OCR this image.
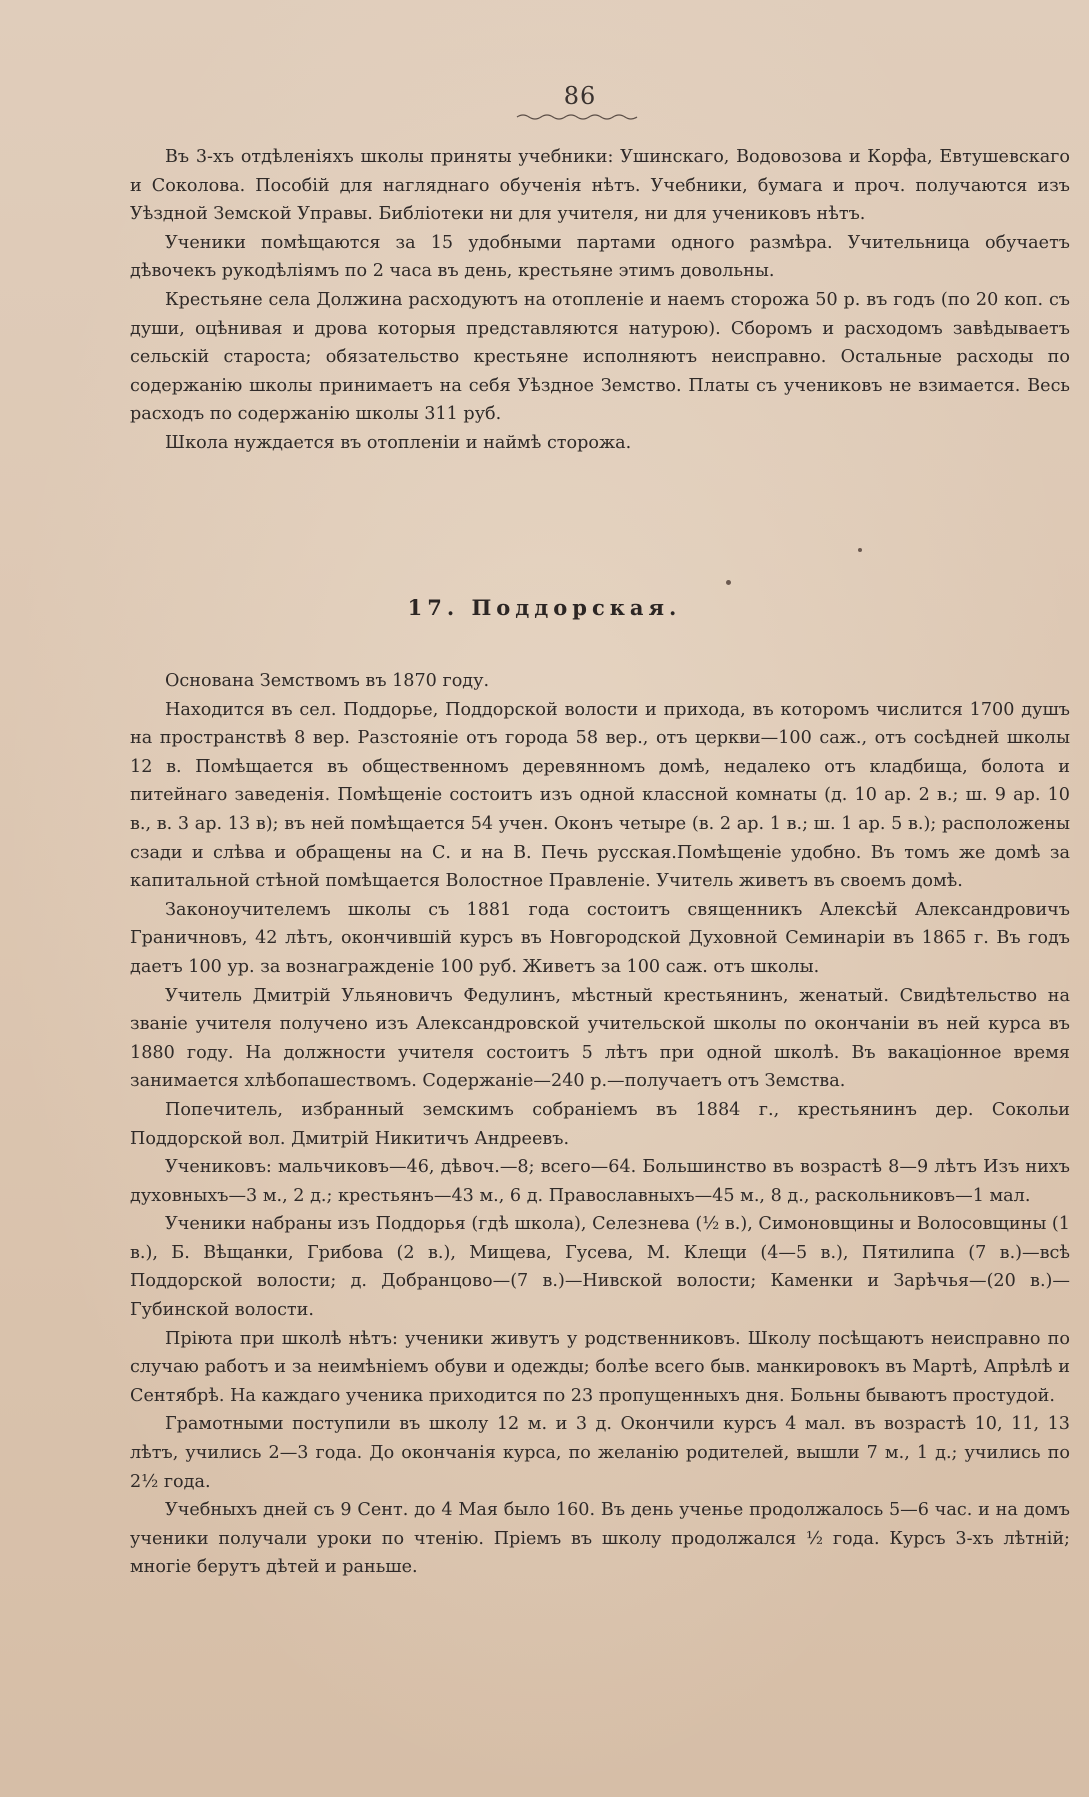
86

Въ 3-хъ отдѣленіяхъ школы приняты учебники: Ушинскаго, Водовозова и Корфа, Евтушевскаго и Соколова. Пособій для нагляднаго обученія нѣтъ. Учебники, бумага и проч. получаются изъ Уѣздной Земской Управы. Библіотеки ни для учителя, ни для учениковъ нѣтъ.

Ученики помѣщаются за 15 удобными партами одного размѣра. Учительница обучаетъ дѣвочекъ рукодѣліямъ по 2 часа въ день, крестьяне этимъ довольны.

Крестьяне села Должина расходуютъ на отопленіе и наемъ сторожа 50 р. въ годъ (по 20 коп. съ души, оцѣнивая и дрова которыя представляются натурою). Сборомъ и расходомъ завѣдываетъ сельскій староста; обязательство крестьяне исполняютъ неисправно. Остальные расходы по содержанію школы принимаетъ на себя Уѣздное Земство. Платы съ учениковъ не взимается. Весь расходъ по содержанію школы 311 руб.

Школа нуждается въ отопленіи и наймѣ сторожа.

17. Поддорская.

Основана Земствомъ въ 1870 году.

Находится въ сел. Поддорье, Поддорской волости и прихода, въ которомъ числится 1700 душъ на пространствѣ 8 вер. Разстояніе отъ города 58 вер., отъ церкви—100 саж., отъ сосѣдней школы 12 в. Помѣщается въ общественномъ деревянномъ домѣ, недалеко отъ кладбища, болота и питейнаго заведенія. Помѣщеніе состоитъ изъ одной классной комнаты (д. 10 ар. 2 в.; ш. 9 ар. 10 в., в. 3 ар. 13 в); въ ней помѣщается 54 учен. Оконъ четыре (в. 2 ар. 1 в.; ш. 1 ар. 5 в.); расположены сзади и слѣва и обращены на С. и на В. Печь русская.Помѣщеніе удобно. Въ томъ же домѣ за капитальной стѣной помѣщается Волостное Правленіе. Учитель живетъ въ своемъ домѣ.

Законоучителемъ школы съ 1881 года состоитъ священникъ Алексѣй Александровичъ Граничновъ, 42 лѣтъ, окончившій курсъ въ Новгородской Духовной Семинаріи въ 1865 г. Въ годъ даетъ 100 ур. за вознагражденіе 100 руб. Живетъ за 100 саж. отъ школы.

Учитель Дмитрій Ульяновичъ Федулинъ, мѣстный крестьянинъ, женатый. Свидѣтельство на званіе учителя получено изъ Александровской учительской школы по окончаніи въ ней курса въ 1880 году. На должности учителя состоитъ 5 лѣтъ при одной школѣ. Въ вакаціонное время занимается хлѣбопашествомъ. Содержаніе—240 р.—получаетъ отъ Земства.

Попечитель, избранный земскимъ собраніемъ въ 1884 г., крестьянинъ дер. Сокольи Поддорской вол. Дмитрій Никитичъ Андреевъ.

Учениковъ: мальчиковъ—46, дѣвоч.—8; всего—64. Большинство въ возрастѣ 8—9 лѣтъ Изъ нихъ духовныхъ—3 м., 2 д.; крестьянъ—43 м., 6 д. Православныхъ—45 м., 8 д., раскольниковъ—1 мал.

Ученики набраны изъ Поддорья (гдѣ школа), Селезнева (½ в.), Симоновщины и Волосовщины (1 в.), Б. Вѣщанки, Грибова (2 в.), Мищева, Гусева, М. Клещи (4—5 в.), Пятилипа (7 в.)—всѣ Поддорской волости; д. Добранцово—(7 в.)—Нивской волости; Каменки и Зарѣчья—(20 в.)— Губинской волости.

Пріюта при школѣ нѣтъ: ученики живутъ у родственниковъ. Школу посѣщаютъ неисправно по случаю работъ и за неимѣніемъ обуви и одежды; болѣе всего быв. манкировокъ въ Мартѣ, Апрѣлѣ и Сентябрѣ. На каждаго ученика приходится по 23 пропущенныхъ дня. Больны бываютъ простудой.

Грамотными поступили въ школу 12 м. и 3 д. Окончили курсъ 4 мал. въ возрастѣ 10, 11, 13 лѣтъ, учились 2—3 года. До окончанія курса, по желанію родителей, вышли 7 м., 1 д.; учились по 2½ года.

Учебныхъ дней съ 9 Сент. до 4 Мая было 160. Въ день ученье продолжалось 5—6 час. и на домъ ученики получали уроки по чтенію. Пріемъ въ школу продолжался ½ года. Курсъ 3-хъ лѣтній; многіе берутъ дѣтей и раньше.
